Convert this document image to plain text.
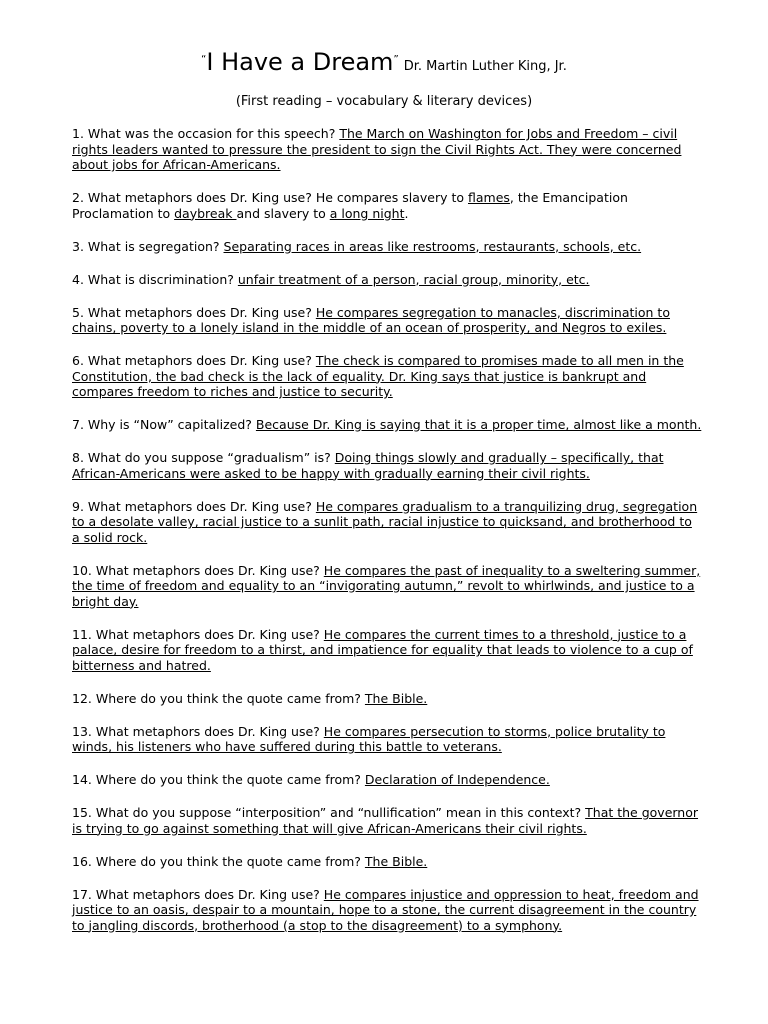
“I Have a Dream” Dr. Martin Luther King, Jr.
(First reading – vocabulary & literary devices)
1. What was the occasion for this speech? The March on Washington for Jobs and Freedom – civil rights leaders wanted to pressure the president to sign the Civil Rights Act. They were concerned about jobs for African-Americans.
2. What metaphors does Dr. King use? He compares slavery to flames, the Emancipation Proclamation to daybreak and slavery to a long night.
3. What is segregation? Separating races in areas like restrooms, restaurants, schools, etc.
4. What is discrimination? unfair treatment of a person, racial group, minority, etc.
5. What metaphors does Dr. King use? He compares segregation to manacles, discrimination to chains, poverty to a lonely island in the middle of an ocean of prosperity, and Negros to exiles.
6. What metaphors does Dr. King use? The check is compared to promises made to all men in the Constitution, the bad check is the lack of equality. Dr. King says that justice is bankrupt and compares freedom to riches and justice to security.
7. Why is “Now” capitalized? Because Dr. King is saying that it is a proper time, almost like a month.
8. What do you suppose “gradualism” is? Doing things slowly and gradually – specifically, that African-Americans were asked to be happy with gradually earning their civil rights.
9. What metaphors does Dr. King use? He compares gradualism to a tranquilizing drug, segregation to a desolate valley, racial justice to a sunlit path, racial injustice to quicksand, and brotherhood to a solid rock.
10. What metaphors does Dr. King use? He compares the past of inequality to a sweltering summer, the time of freedom and equality to an “invigorating autumn,” revolt to whirlwinds, and justice to a bright day.
11. What metaphors does Dr. King use? He compares the current times to a threshold, justice to a palace, desire for freedom to a thirst, and impatience for equality that leads to violence to a cup of bitterness and hatred.
12. Where do you think the quote came from? The Bible.
13. What metaphors does Dr. King use? He compares persecution to storms, police brutality to winds, his listeners who have suffered during this battle to veterans.
14. Where do you think the quote came from? Declaration of Independence.
15. What do you suppose “interposition” and “nullification” mean in this context? That the governor is trying to go against something that will give African-Americans their civil rights.
16. Where do you think the quote came from? The Bible.
17. What metaphors does Dr. King use? He compares injustice and oppression to heat, freedom and justice to an oasis, despair to a mountain, hope to a stone, the current disagreement in the country to jangling discords, brotherhood (a stop to the disagreement) to a symphony.
